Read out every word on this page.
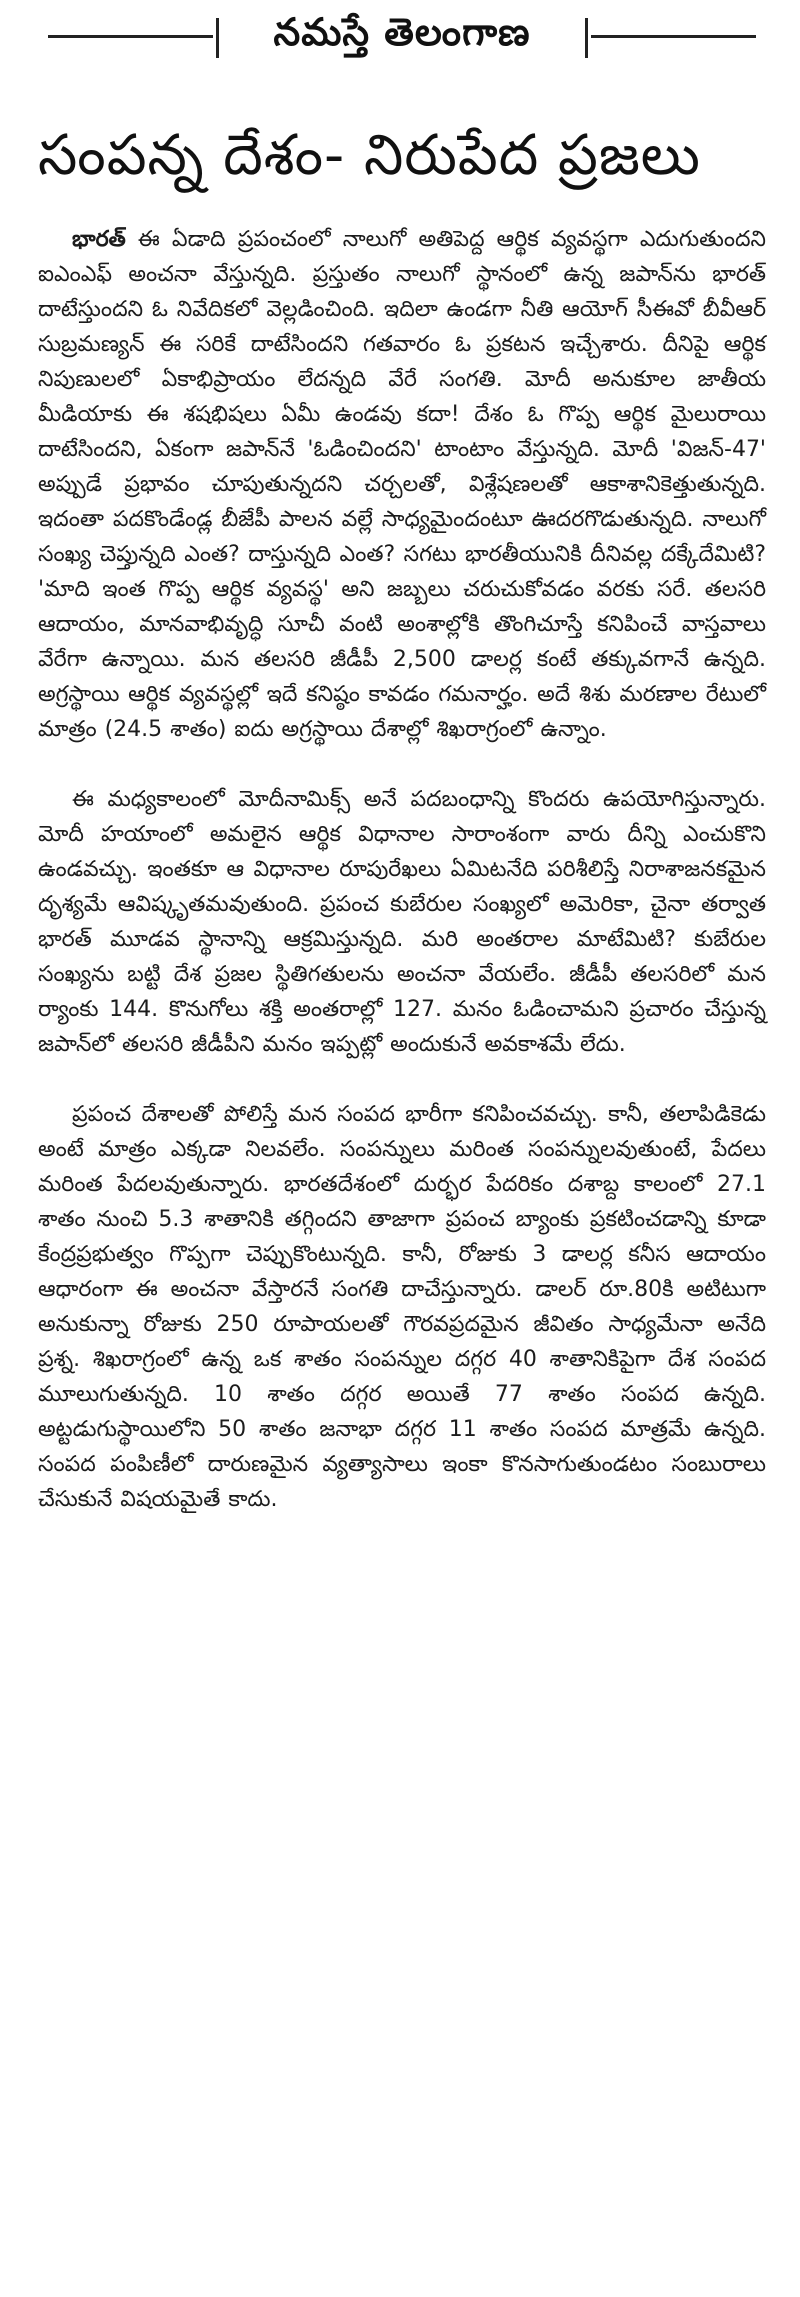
నమస్తే తెలంగాణ
సంపన్న దేశం- నిరుపేద ప్రజలు

భారత్ ఈ ఏడాది ప్రపంచంలో నాలుగో అతిపెద్ద ఆర్థిక వ్యవస్థగా ఎదుగుతుందని ఐఎంఎఫ్ అంచనా వేస్తున్నది. ప్రస్తుతం నాలుగో స్థానంలో ఉన్న జపాన్‌ను భారత్ దాటేస్తుందని ఓ నివేదికలో వెల్లడించింది. ఇదిలా ఉండగా నీతి ఆయోగ్ సీఈవో బీవీఆర్ సుబ్రమణ్యన్ ఈ సరికే దాటేసిందని గతవారం ఓ ప్రకటన ఇచ్చేశారు. దీనిపై ఆర్థిక నిపుణులలో ఏకాభిప్రాయం లేదన్నది వేరే సంగతి. మోదీ అనుకూల జాతీయ మీడియాకు ఈ శషభిషలు ఏమీ ఉండవు కదా! దేశం ఓ గొప్ప ఆర్థిక మైలురాయి దాటేసిందని, ఏకంగా జపాన్‌నే 'ఓడించిందని' టాంటాం వేస్తున్నది. మోదీ 'విజన్-47' అప్పుడే ప్రభావం చూపుతున్నదని చర్చలతో, విశ్లేషణలతో ఆకాశానికెత్తుతున్నది. ఇదంతా పదకొండేండ్ల బీజేపీ పాలన వల్లే సాధ్యమైందంటూ ఊదరగొడుతున్నది. నాలుగో సంఖ్య చెప్తున్నది ఎంత? దాస్తున్నది ఎంత? సగటు భారతీయునికి దీనివల్ల దక్కేదేమిటి? 'మాది ఇంత గొప్ప ఆర్థిక వ్యవస్థ' అని జబ్బలు చరుచుకోవడం వరకు సరే. తలసరి ఆదాయం, మానవాభివృద్ధి సూచీ వంటి అంశాల్లోకి తొంగిచూస్తే కనిపించే వాస్తవాలు వేరేగా ఉన్నాయి. మన తలసరి జీడీపీ 2,500 డాలర్ల కంటే తక్కువగానే ఉన్నది. అగ్రస్థాయి ఆర్థిక వ్యవస్థల్లో ఇదే కనిష్ఠం కావడం గమనార్హం. అదే శిశు మరణాల రేటులో మాత్రం (24.5 శాతం) ఐదు అగ్రస్థాయి దేశాల్లో శిఖరాగ్రంలో ఉన్నాం.

ఈ మధ్యకాలంలో మోదీనామిక్స్ అనే పదబంధాన్ని కొందరు ఉపయోగిస్తున్నారు. మోదీ హయాంలో అమలైన ఆర్థిక విధానాల సారాంశంగా వారు దీన్ని ఎంచుకొని ఉండవచ్చు. ఇంతకూ ఆ విధానాల రూపురేఖలు ఏమిటనేది పరిశీలిస్తే నిరాశాజనకమైన దృశ్యమే ఆవిష్కృతమవుతుంది. ప్రపంచ కుబేరుల సంఖ్యలో అమెరికా, చైనా తర్వాత భారత్ మూడవ స్థానాన్ని ఆక్రమిస్తున్నది. మరి అంతరాల మాటేమిటి? కుబేరుల సంఖ్యను బట్టి దేశ ప్రజల స్థితిగతులను అంచనా వేయలేం. జీడీపీ తలసరిలో మన ర్యాంకు 144. కొనుగోలు శక్తి అంతరాల్లో 127. మనం ఓడించామని ప్రచారం చేస్తున్న జపాన్‌లో తలసరి జీడీపీని మనం ఇప్పట్లో అందుకునే అవకాశమే లేదు.

ప్రపంచ దేశాలతో పోలిస్తే మన సంపద భారీగా కనిపించవచ్చు. కానీ, తలాపిడికెడు అంటే మాత్రం ఎక్కడా నిలవలేం. సంపన్నులు మరింత సంపన్నులవుతుంటే, పేదలు మరింత పేదలవుతున్నారు. భారతదేశంలో దుర్భర పేదరికం దశాబ్ద కాలంలో 27.1 శాతం నుంచి 5.3 శాతానికి తగ్గిందని తాజాగా ప్రపంచ బ్యాంకు ప్రకటించడాన్ని కూడా కేంద్రప్రభుత్వం గొప్పగా చెప్పుకొంటున్నది. కానీ, రోజుకు 3 డాలర్ల కనీస ఆదాయం ఆధారంగా ఈ అంచనా వేస్తారనే సంగతి దాచేస్తున్నారు. డాలర్ రూ.80కి అటిటుగా అనుకున్నా రోజుకు 250 రూపాయలతో గౌరవప్రదమైన జీవితం సాధ్యమేనా అనేది ప్రశ్న. శిఖరాగ్రంలో ఉన్న ఒక శాతం సంపన్నుల దగ్గర 40 శాతానికిపైగా దేశ సంపద మూలుగుతున్నది. 10 శాతం దగ్గర అయితే 77 శాతం సంపద ఉన్నది. అట్టడుగుస్థాయిలోని 50 శాతం జనాభా దగ్గర 11 శాతం సంపద మాత్రమే ఉన్నది. సంపద పంపిణీలో దారుణమైన వ్యత్యాసాలు ఇంకా కొనసాగుతుండటం సంబురాలు చేసుకునే విషయమైతే కాదు.
